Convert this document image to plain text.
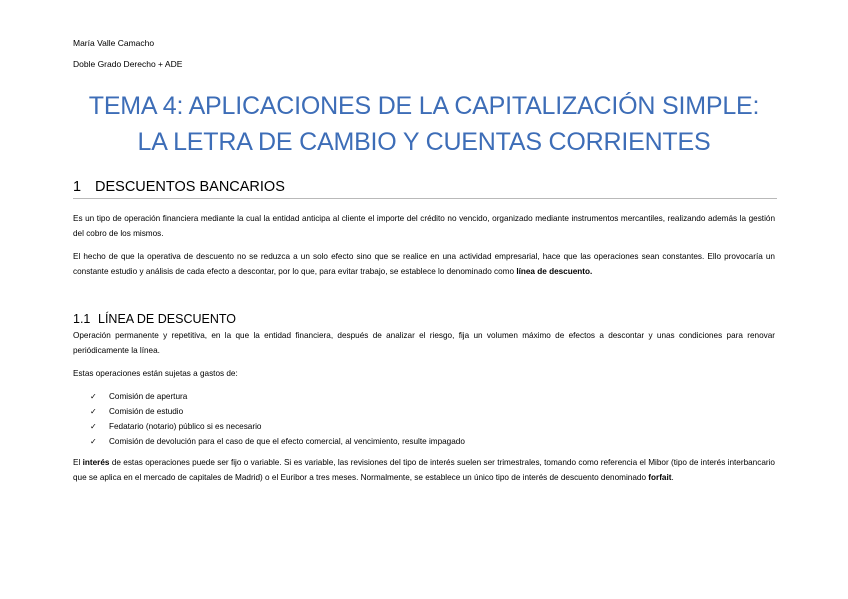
María Valle Camacho
Doble Grado Derecho + ADE
TEMA 4: APLICACIONES DE LA CAPITALIZACIÓN SIMPLE: LA LETRA DE CAMBIO Y CUENTAS CORRIENTES
1 DESCUENTOS BANCARIOS
Es un tipo de operación financiera mediante la cual la entidad anticipa al cliente el importe del crédito no vencido, organizado mediante instrumentos mercantiles, realizando además la gestión del cobro de los mismos.
El hecho de que la operativa de descuento no se reduzca a un solo efecto sino que se realice en una actividad empresarial, hace que las operaciones sean constantes. Ello provocaría un constante estudio y análisis de cada efecto a descontar, por lo que, para evitar trabajo, se establece lo denominado como línea de descuento.
1.1 LÍNEA DE DESCUENTO
Operación permanente y repetitiva, en la que la entidad financiera, después de analizar el riesgo, fija un volumen máximo de efectos a descontar y unas condiciones para renovar periódicamente la línea.
Estas operaciones están sujetas a gastos de:
✓ Comisión de apertura
✓ Comisión de estudio
✓ Fedatario (notario) público si es necesario
✓ Comisión de devolución para el caso de que el efecto comercial, al vencimiento, resulte impagado
El interés de estas operaciones puede ser fijo o variable. Si es variable, las revisiones del tipo de interés suelen ser trimestrales, tomando como referencia el Mibor (tipo de interés interbancario que se aplica en el mercado de capitales de Madrid) o el Euribor a tres meses. Normalmente, se establece un único tipo de interés de descuento denominado forfait.
